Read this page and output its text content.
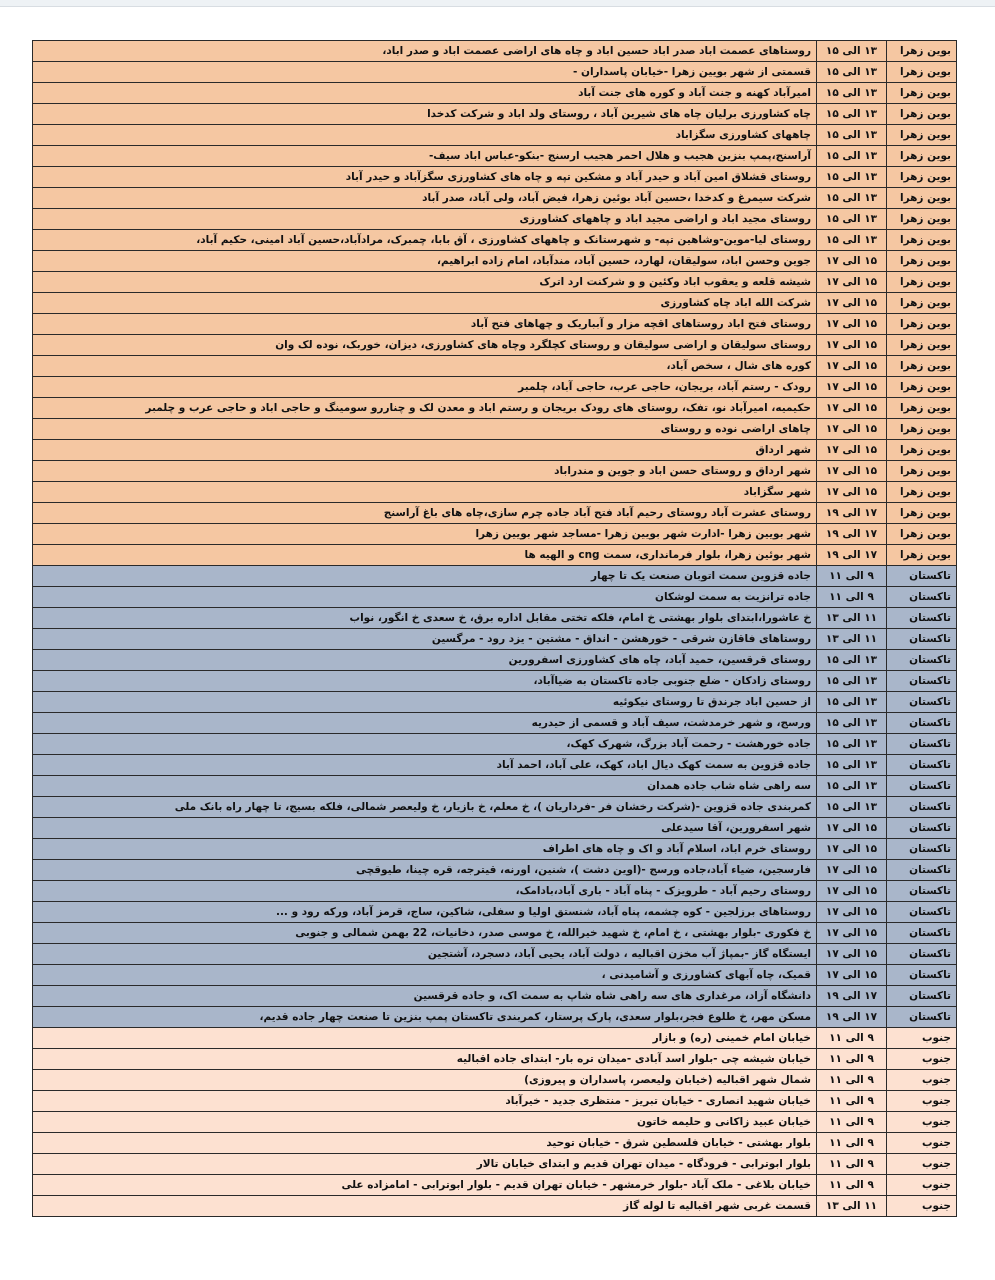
بوین زهرا	۱۳ الی ۱۵	روستاهای عصمت اباد صدر اباد حسین اباد و چاه های اراضی عصمت اباد و صدر اباد،
بوین زهرا	۱۳ الی ۱۵	قسمتی از شهر بویین زهرا -خیابان پاسداران -
بوین زهرا	۱۳ الی ۱۵	امیرآباد کهنه و جنت آباد و کوره های جنت آباد
بوین زهرا	۱۳ الی ۱۵	چاه کشاورزی برلیان چاه های شیرین آباد ، روستای ولد اباد و شرکت کدخدا
بوین زهرا	۱۳ الی ۱۵	چاههای کشاورزی سگزاباد
بوین زهرا	۱۳ الی ۱۵	آراسنج،پمپ بنزین هجیب و هلال احمر هجیب ارسنج -بنکو-عباس اباد سیف-
بوین زهرا	۱۳ الی ۱۵	روستای قشلاق امین آباد و حیدر آباد و مشکین تپه و چاه های کشاورزی سگزآباد و حیدر آباد
بوین زهرا	۱۳ الی ۱۵	شرکت سیمرغ و کدخدا ،حسین آباد بوئین زهرا، فیض آباد، ولی آباد، صدر آباد
بوین زهرا	۱۳ الی ۱۵	روستای مجید اباد و اراضی مجید اباد و چاههای کشاورزی
بوین زهرا	۱۳ الی ۱۵	روستای لیا-موین-وشاهین تپه- و شهرستانک و چاههای کشاورزی ، آق بابا، چمبرک، مرادآباد،حسین آباد امینی، حکیم آباد،
بوین زهرا	۱۵ الی ۱۷	جوین وحسن اباد، سولیقان، لهارد، حسین آباد، مندآباد، امام زاده ابراهیم،
بوین زهرا	۱۵ الی ۱۷	شیشه قلعه و یعقوب اباد وکئین و و شرکنت ارد اترک
بوین زهرا	۱۵ الی ۱۷	شرکت الله اباد چاه کشاورزی
بوین زهرا	۱۵ الی ۱۷	روستای فتح اباد روستاهای اقچه مزار و آبباریک و چهاهای فتح آباد
بوین زهرا	۱۵ الی ۱۷	روستای سولیقان و اراضی سولیقان و روستای کچلگرد وچاه های کشاورزی، دیزان، خوربک، نوده لک وان
بوین زهرا	۱۵ الی ۱۷	کوره های شال ، سخص آباد،
بوین زهرا	۱۵ الی ۱۷	رودک - رستم آباد، بریجان، حاجی عرب، حاجی آباد، چلمبر
بوین زهرا	۱۵ الی ۱۷	حکیمیه، امیرآباد نو، تفک، روستای های رودک بریجان و رستم اباد و معدن لک و چناررو سومینگ و حاجی اباد و حاجی عرب و چلمبر
بوین زهرا	۱۵ الی ۱۷	چاهای اراضی نوده و روستای
بوین زهرا	۱۵ الی ۱۷	شهر ارداق
بوین زهرا	۱۵ الی ۱۷	شهر ارداق و روستای حسن اباد و جوین و مندراباد
بوین زهرا	۱۵ الی ۱۷	شهر سگزاباد
بوین زهرا	۱۷ الی ۱۹	روستای عشرت آباد روستای رحیم آباد فتح آباد جاده چرم سازی،چاه های باغ آراسنج
بوین زهرا	۱۷ الی ۱۹	شهر بویین زهرا -ادارت شهر بویین زهرا -مساجد شهر بویین زهرا
بوین زهرا	۱۷ الی ۱۹	شهر بوئین زهرا، بلوار فرمانداری، سمت cng و الهیه ها
تاکستان	۹ الی ۱۱	جاده قزوین سمت اتوبان صنعت یک تا چهار
تاکستان	۹ الی ۱۱	جاده ترانزیت به سمت لوشکان
تاکستان	۱۱ الی ۱۳	خ عاشورا،ابتدای بلوار بهشتی خ امام، فلکه تختی مقابل اداره برق، خ سعدی خ انگور، نواب
تاکستان	۱۱ الی ۱۳	روستاهای فاقازن شرقی - خورهشن - انداق - مشتین - یزد رود - مرگسین
تاکستان	۱۳ الی ۱۵	روستای قرقسین، حمید آباد، چاه های کشاورزی اسفرورین
تاکستان	۱۳ الی ۱۵	روستای زادکان - ضلع جنوبی جاده تاکستان به ضیاآباد،
تاکستان	۱۳ الی ۱۵	از حسین اباد جرندق تا روستای نیکوئیه
تاکستان	۱۳ الی ۱۵	ورسج، و شهر خرمدشت، سیف آباد و قسمی از حیدریه
تاکستان	۱۳ الی ۱۵	جاده خورهشت - رحمت آباد بزرگ، شهرک کهک،
تاکستان	۱۳ الی ۱۵	جاده قزوین به سمت کهک دیال اباد، کهک، علی آباد، احمد آباد
تاکستان	۱۳ الی ۱۵	سه راهی شاه شاب جاده همدان
تاکستان	۱۳ الی ۱۵	کمربندی جاده قزوین -(شرکت رخشان فر -فرداریان )، خ معلم، خ بازیار، خ ولیعصر شمالی، فلکه بسیج، تا چهار راه بانک ملی
تاکستان	۱۵ الی ۱۷	شهر اسفرورین، آقا سیدعلی
تاکستان	۱۵ الی ۱۷	روستای خرم اباد، اسلام آباد و اک و چاه های اطراف
تاکستان	۱۵ الی ۱۷	فارسجین، ضیاء آباد،جاده ورسج -(اوین دشت )، شنین، اورنه، قیترجه، قره چینا، طیوقچی
تاکستان	۱۵ الی ۱۷	روستای رحیم آباد - طرویزک - پناه آباد - باری آباد،بادامک،
تاکستان	۱۵ الی ۱۷	روستاهای برزلجین - کوه چشمه، پناه آباد، شنستق اولیا و سفلی، شاکین، ساج، قرمز آباد، ورکه رود و ...
تاکستان	۱۵ الی ۱۷	خ فکوری -بلوار بهشتی ، خ امام، خ شهید خیرالله، خ موسی صدر، دخانیات، 22 بهمن شمالی و جنوبی
تاکستان	۱۵ الی ۱۷	ایستگاه گاز -بمپاژ آب مخزن اقبالیه ، دولت آباد، یحیی آباد، دسجرد، آشتجین
تاکستان	۱۵ الی ۱۷	قمیک، چاه آبهای کشاورزی و آشامیدنی ،
تاکستان	۱۷ الی ۱۹	دانشگاه آزاد، مرغداری های سه راهی شاه شاپ به سمت اک، و جاده قرقسین
تاکستان	۱۷ الی ۱۹	مسکن مهر، خ طلوع فجر،بلوار سعدی، پارک پرستار، کمربندی تاکستان پمپ بنزین تا صنعت چهار جاده قدیم،
جنوب	۹ الی ۱۱	خیابان امام خمینی (ره) و بازار
جنوب	۹ الی ۱۱	خیابان شیشه چی -بلوار اسد آبادی -میدان تره بار- ابتدای جاده اقبالیه
جنوب	۹ الی ۱۱	شمال شهر اقبالیه (خیابان ولیعصر، پاسداران و پیروزی)
جنوب	۹ الی ۱۱	خیابان شهید انصاری - خیابان تبریز - منتظری جدید - خیرآباد
جنوب	۹ الی ۱۱	خیابان عبید زاکانی و حلیمه خاتون
جنوب	۹ الی ۱۱	بلوار بهشتی - خیابان فلسطین شرق - خیابان توحید
جنوب	۹ الی ۱۱	بلوار ابوترابی - فرودگاه - میدان تهران قدیم و ابتدای خیابان تالار
جنوب	۹ الی ۱۱	خیابان بلاغی - ملک آباد -بلوار خرمشهر - خیابان تهران قدیم - بلوار ابوترابی - امامزاده علی
جنوب	۱۱ الی ۱۳	قسمت غربی شهر اقبالیه تا لوله گاز
